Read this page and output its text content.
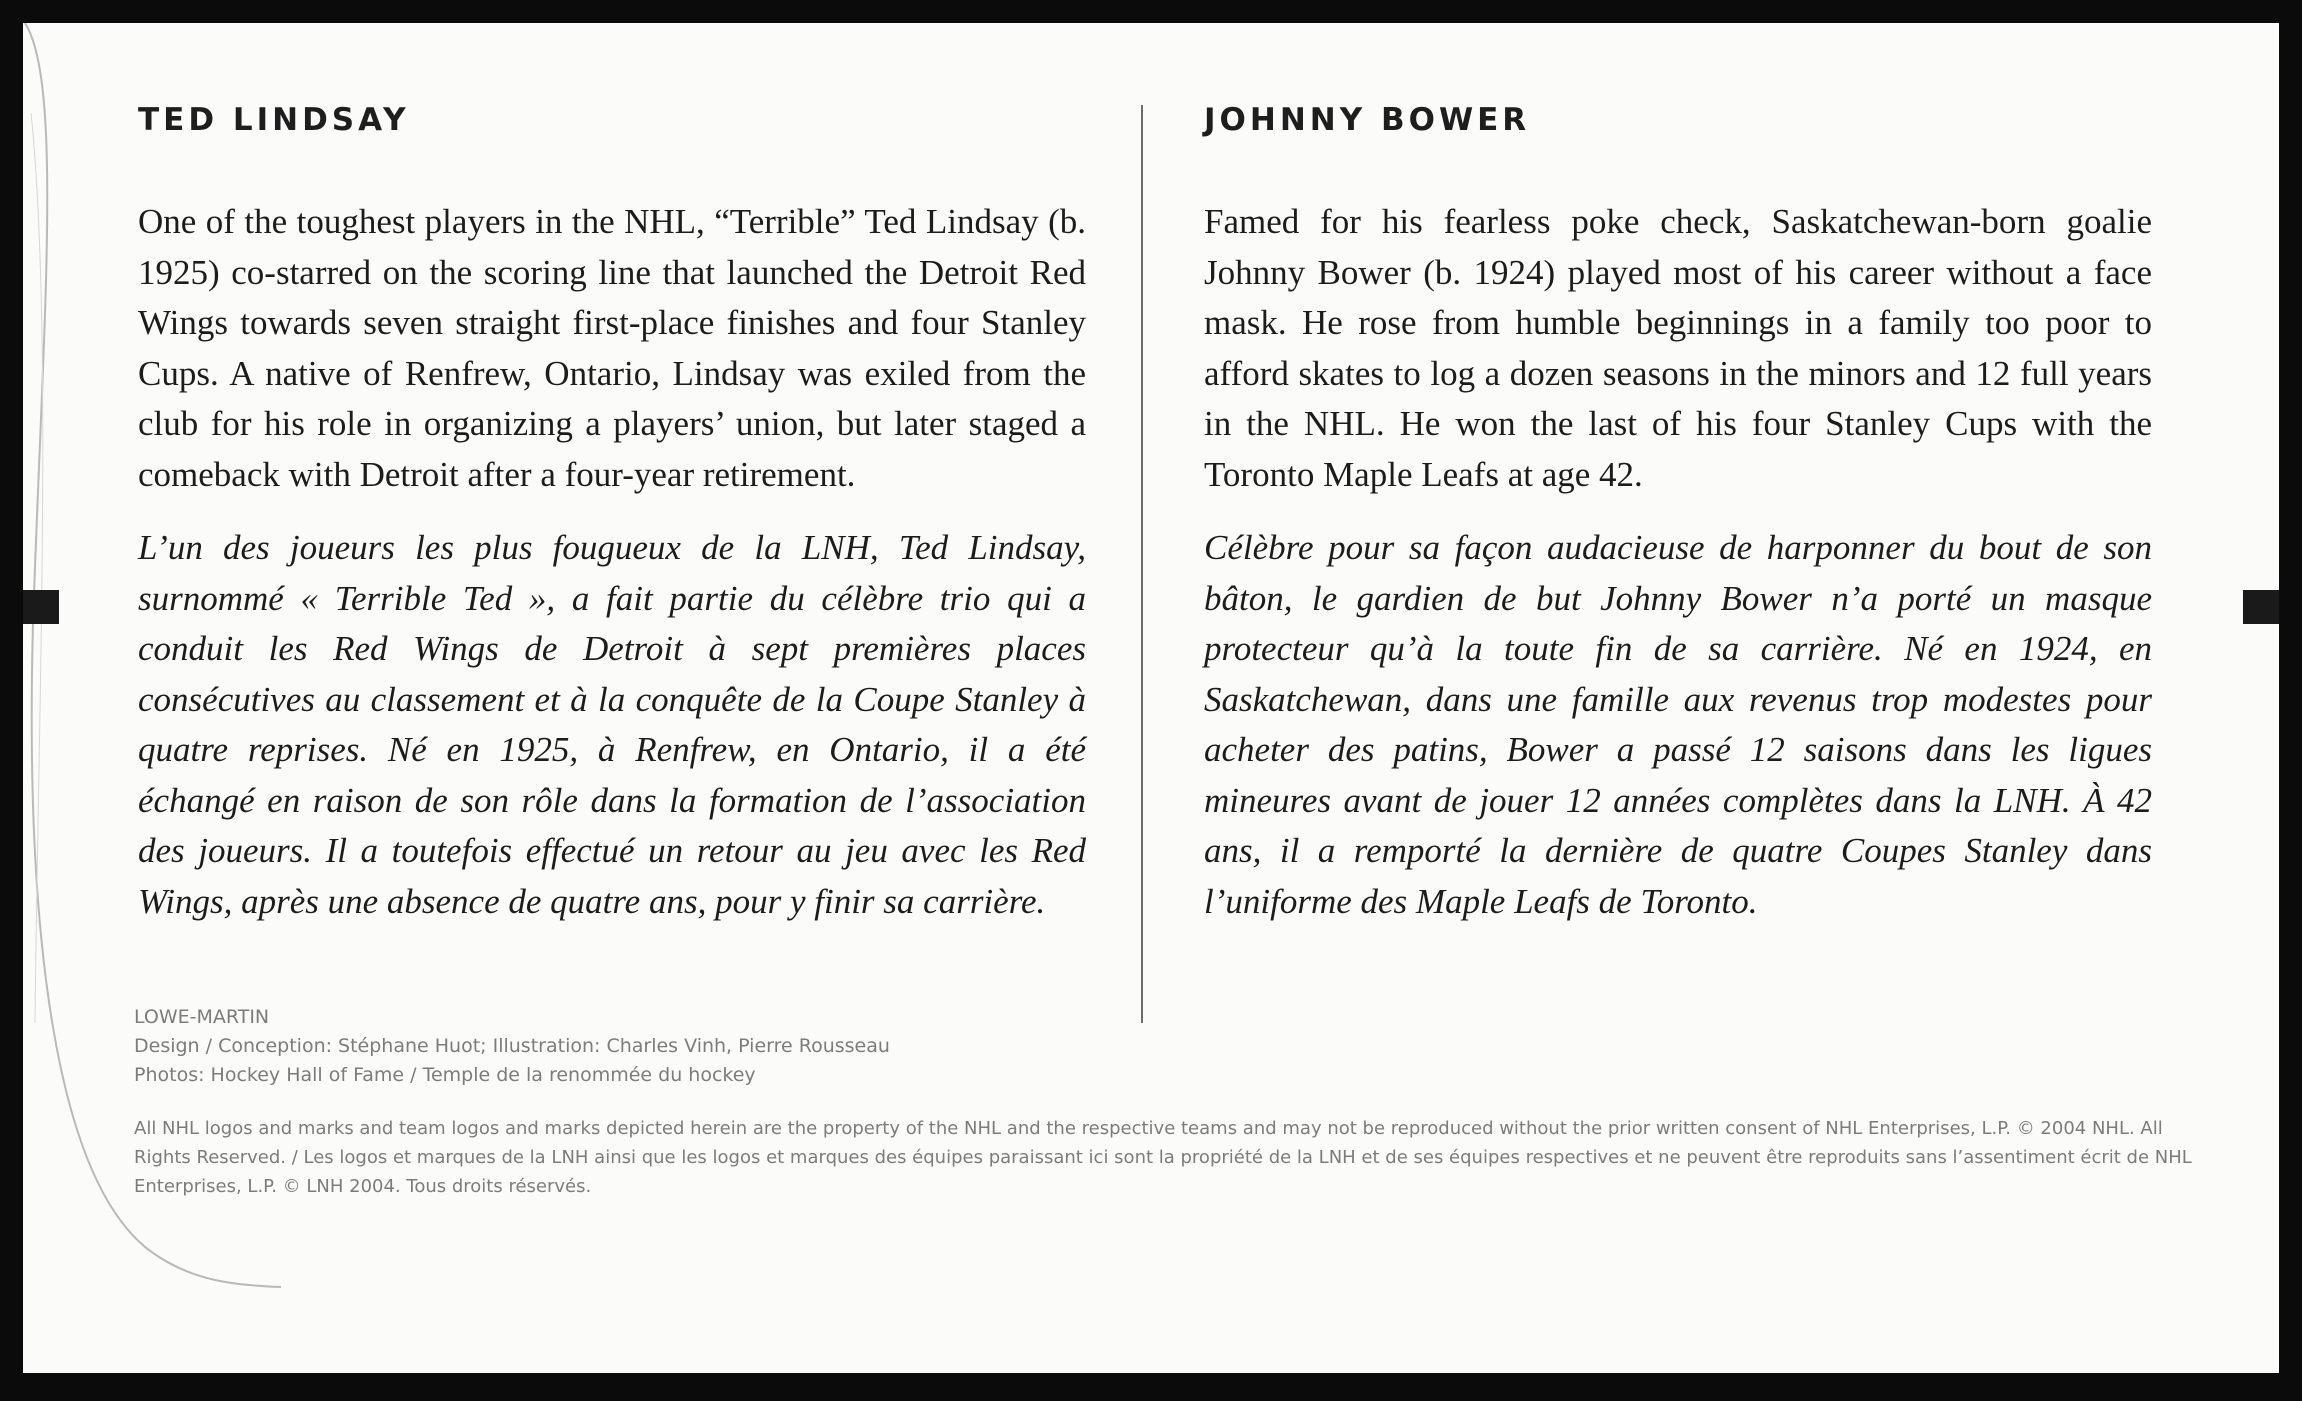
TED LINDSAY

One of the toughest players in the NHL, “Terrible” Ted Lindsay (b. 1925) co-starred on the scoring line that launched the Detroit Red Wings towards seven straight first-place finishes and four Stanley Cups. A native of Renfrew, Ontario, Lindsay was exiled from the club for his role in organizing a players’ union, but later staged a comeback with Detroit after a four-year retirement.

L’un des joueurs les plus fougueux de la LNH, Ted Lindsay, surnommé « Terrible Ted », a fait partie du célèbre trio qui a conduit les Red Wings de Detroit à sept premières places consécutives au classement et à la conquête de la Coupe Stanley à quatre reprises. Né en 1925, à Renfrew, en Ontario, il a été échangé en raison de son rôle dans la formation de l’association des joueurs. Il a toutefois effectué un retour au jeu avec les Red Wings, après une absence de quatre ans, pour y finir sa carrière.

JOHNNY BOWER

Famed for his fearless poke check, Saskatchewan-born goalie Johnny Bower (b. 1924) played most of his career without a face mask. He rose from humble beginnings in a family too poor to afford skates to log a dozen seasons in the minors and 12 full years in the NHL. He won the last of his four Stanley Cups with the Toronto Maple Leafs at age 42.

Célèbre pour sa façon audacieuse de harponner du bout de son bâton, le gardien de but Johnny Bower n’a porté un masque protecteur qu’à la toute fin de sa carrière. Né en 1924, en Saskatchewan, dans une famille aux revenus trop modestes pour acheter des patins, Bower a passé 12 saisons dans les ligues mineures avant de jouer 12 années complètes dans la LNH. À 42 ans, il a remporté la dernière de quatre Coupes Stanley dans l’uniforme des Maple Leafs de Toronto.

LOWE-MARTIN
Design / Conception: Stéphane Huot; Illustration: Charles Vinh, Pierre Rousseau
Photos: Hockey Hall of Fame / Temple de la renommée du hockey

All NHL logos and marks and team logos and marks depicted herein are the property of the NHL and the respective teams and may not be reproduced without the prior written consent of NHL Enterprises, L.P. © 2004 NHL. All Rights Reserved. / Les logos et marques de la LNH ainsi que les logos et marques des équipes paraissant ici sont la propriété de la LNH et de ses équipes respectives et ne peuvent être reproduits sans l’assentiment écrit de NHL Enterprises, L.P. © LNH 2004. Tous droits réservés.
